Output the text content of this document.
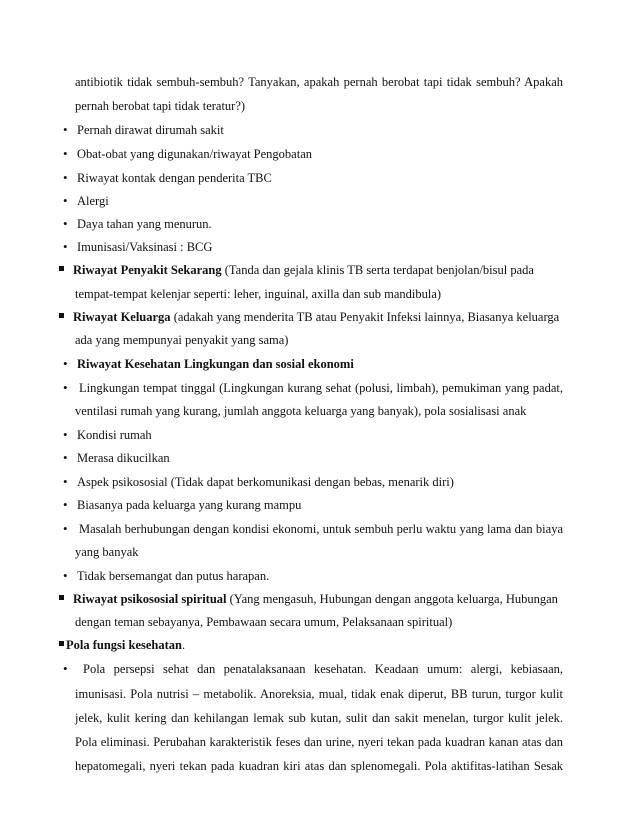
antibiotik tidak sembuh-sembuh? Tanyakan, apakah pernah berobat tapi tidak sembuh? Apakah
pernah berobat tapi tidak teratur?)
• Pernah dirawat dirumah sakit
• Obat-obat yang digunakan/riwayat Pengobatan
• Riwayat kontak dengan penderita TBC
• Alergi
• Daya tahan yang menurun.
• Imunisasi/Vaksinasi : BCG
Riwayat Penyakit Sekarang (Tanda dan gejala klinis TB serta terdapat benjolan/bisul pada
tempat-tempat kelenjar seperti: leher, inguinal, axilla dan sub mandibula)
Riwayat Keluarga (adakah yang menderita TB atau Penyakit Infeksi lainnya, Biasanya keluarga
ada yang mempunyai penyakit yang sama)
• Riwayat Kesehatan Lingkungan dan sosial ekonomi
• Lingkungan tempat tinggal (Lingkungan kurang sehat (polusi, limbah), pemukiman yang padat,
ventilasi rumah yang kurang, jumlah anggota keluarga yang banyak), pola sosialisasi anak
• Kondisi rumah
• Merasa dikucilkan
• Aspek psikososial (Tidak dapat berkomunikasi dengan bebas, menarik diri)
• Biasanya pada keluarga yang kurang mampu
• Masalah berhubungan dengan kondisi ekonomi, untuk sembuh perlu waktu yang lama dan biaya
yang banyak
• Tidak bersemangat dan putus harapan.
Riwayat psikososial spiritual (Yang mengasuh, Hubungan dengan anggota keluarga, Hubungan
dengan teman sebayanya, Pembawaan secara umum, Pelaksanaan spiritual)
Pola fungsi kesehatan.
• Pola persepsi sehat dan penatalaksanaan kesehatan. Keadaan umum: alergi, kebiasaan,
imunisasi. Pola nutrisi – metabolik. Anoreksia, mual, tidak enak diperut, BB turun, turgor kulit
jelek, kulit kering dan kehilangan lemak sub kutan, sulit dan sakit menelan, turgor kulit jelek.
Pola eliminasi. Perubahan karakteristik feses dan urine, nyeri tekan pada kuadran kanan atas dan
hepatomegali, nyeri tekan pada kuadran kiri atas dan splenomegali. Pola aktifitas-latihan Sesak
